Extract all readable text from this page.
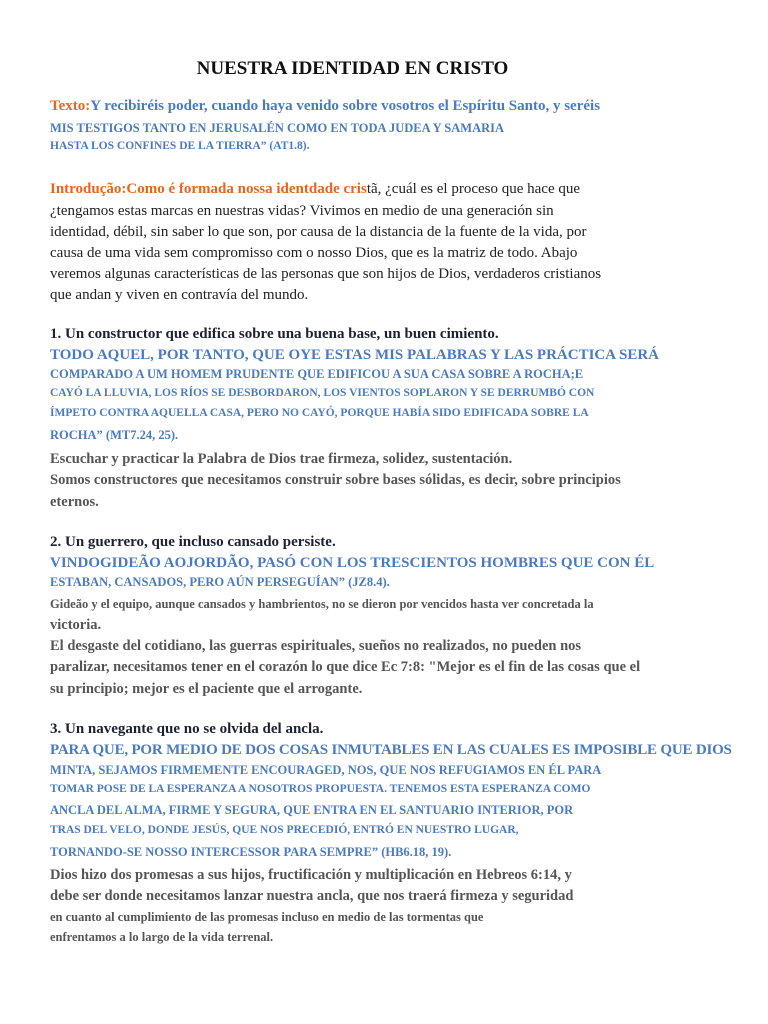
NUESTRA IDENTIDAD EN CRISTO
Texto:Y recibiréis poder, cuando haya venido sobre vosotros el Espíritu Santo, y seréis
MIS TESTIGOS TANTO EN JERUSALÉN COMO EN TODA JUDEA Y SAMARIA
HASTA LOS CONFINES DE LA TIERRA” (AT1.8).
Introdução:Como é formada nossa identdade cristã, ¿cuál es el proceso que hace que
¿tengamos estas marcas en nuestras vidas? Vivimos en medio de una generación sin
identidad, débil, sin saber lo que son, por causa de la distancia de la fuente de la vida, por
causa de uma vida sem compromisso com o nosso Dios, que es la matriz de todo. Abajo
veremos algunas características de las personas que son hijos de Dios, verdaderos cristianos
que andan y viven en contravía del mundo.
1. Un constructor que edifica sobre una buena base, un buen cimiento.
TODO AQUEL, POR TANTO, QUE OYE ESTAS MIS PALABRAS Y LAS PRÁCTICA SERÁ
COMPARADO A UM HOMEM PRUDENTE QUE EDIFICOU A SUA CASA SOBRE A ROCHA;E
CAYÓ LA LLUVIA, LOS RÍOS SE DESBORDARON, LOS VIENTOS SOPLARON Y SE DERRUMBÓ CON
ÍMPETO CONTRA AQUELLA CASA, PERO NO CAYÓ, PORQUE HABÍA SIDO EDIFICADA SOBRE LA
ROCHA” (MT7.24, 25).
Escuchar y practicar la Palabra de Dios trae firmeza, solidez, sustentación.
Somos constructores que necesitamos construir sobre bases sólidas, es decir, sobre principios
eternos.
2. Un guerrero, que incluso cansado persiste.
VINDOGIDEÃO AOJORDÃO, PASÓ CON LOS TRESCIENTOS HOMBRES QUE CON ÉL
ESTABAN, CANSADOS, PERO AÚN PERSEGUÍAN” (JZ8.4).
Gideão y el equipo, aunque cansados y hambrientos, no se dieron por vencidos hasta ver concretada la
victoria.
El desgaste del cotidiano, las guerras espirituales, sueños no realizados, no pueden nos
paralizar, necesitamos tener en el corazón lo que dice Ec 7:8: "Mejor es el fin de las cosas que el
su principio; mejor es el paciente que el arrogante.
3. Un navegante que no se olvida del ancla.
PARA QUE, POR MEDIO DE DOS COSAS INMUTABLES EN LAS CUALES ES IMPOSIBLE QUE DIOS
MINTA, SEJAMOS FIRMEMENTE ENCOURAGED, NOS, QUE NOS REFUGIAMOS EN ÉL PARA
TOMAR POSE DE LA ESPERANZA A NOSOTROS PROPUESTA. TENEMOS ESTA ESPERANZA COMO
ANCLA DEL ALMA, FIRME Y SEGURA, QUE ENTRA EN EL SANTUARIO INTERIOR, POR
TRAS DEL VELO, DONDE JESÚS, QUE NOS PRECEDIÓ, ENTRÓ EN NUESTRO LUGAR,
TORNANDO-SE NOSSO INTERCESSOR PARA SEMPRE” (HB6.18, 19).
Dios hizo dos promesas a sus hijos, fructificación y multiplicación en Hebreos 6:14, y
debe ser donde necesitamos lanzar nuestra ancla, que nos traerá firmeza y seguridad
en cuanto al cumplimiento de las promesas incluso en medio de las tormentas que
enfrentamos a lo largo de la vida terrenal.
